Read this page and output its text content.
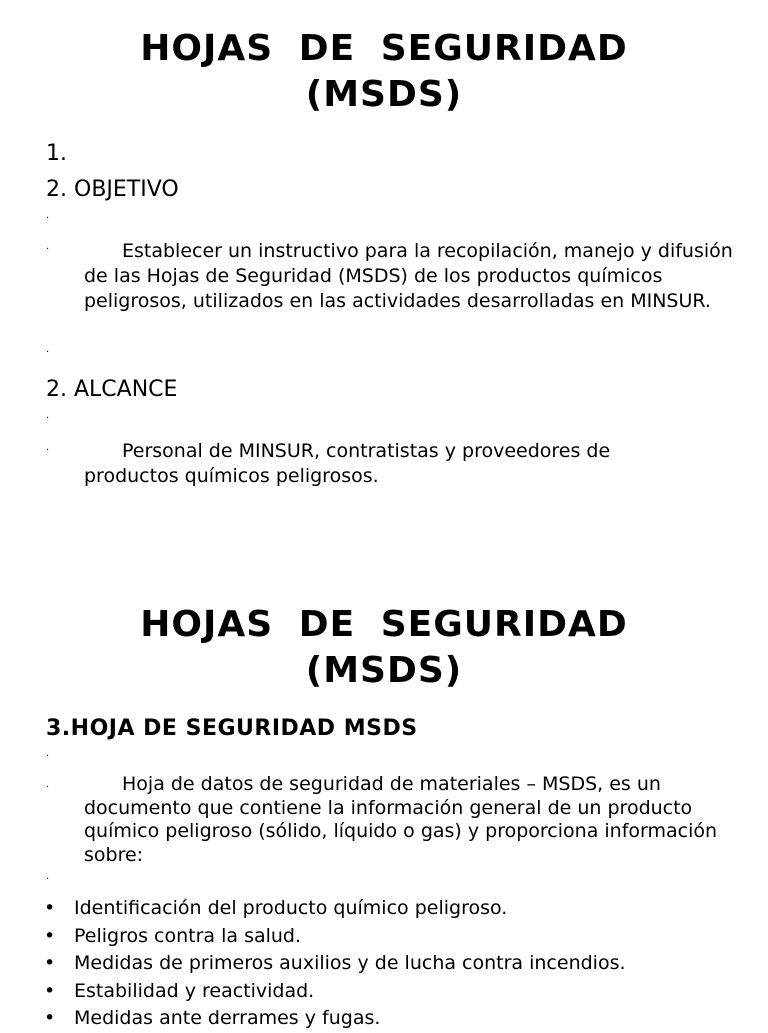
HOJAS DE SEGURIDAD
(MSDS)
1.
2. OBJETIVO
·
·	Establecer un instructivo para la recopilación, manejo y difusión de las Hojas de Seguridad (MSDS) de los productos químicos peligrosos, utilizados en las actividades desarrolladas en MINSUR.
·
2. ALCANCE
·
·	Personal de MINSUR, contratistas y proveedores de productos químicos peligrosos.
HOJAS DE SEGURIDAD
(MSDS)
3.HOJA DE SEGURIDAD MSDS
·
·	Hoja de datos de seguridad de materiales – MSDS, es un documento que contiene la información general de un producto químico peligroso (sólido, líquido o gas) y proporciona información sobre:
·
• Identificación del producto químico peligroso.
• Peligros contra la salud.
• Medidas de primeros auxilios y de lucha contra incendios.
• Estabilidad y reactividad.
• Medidas ante derrames y fugas.
